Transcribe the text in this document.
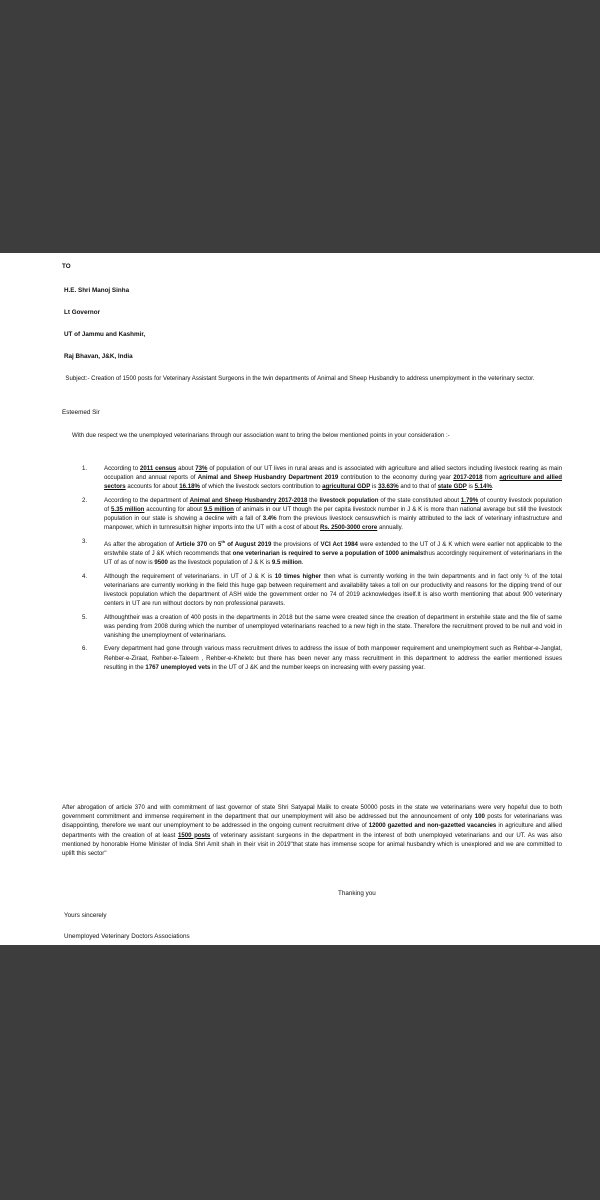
TO
H.E. Shri Manoj Sinha
Lt Governor
UT of Jammu and Kashmir,
Raj Bhavan, J&K, India
Subject:- Creation of 1500 posts for Veterinary Assistant Surgeons in the twin departments of Animal and Sheep Husbandry to address unemployment in the veterinary sector.
Esteemed Sir
With due respect we the unemployed veterinarians through our association want to bring the below mentioned points in your consideration :-
1.	According to 2011 census about 73% of population of our UT lives in rural areas and is associated with agriculture and allied sectors including livestock rearing as main occupation and annual reports of Animal and Sheep Husbandry Department 2019 contribution to the economy during year 2017-2018 from agriculture and allied sectors accounts for about 16.18% of which the livestock sectors contribution to agricultural GDP is 33.63% and to that of state GDP is 5.14%.
2.	According to the department of Animal and Sheep Husbandry 2017-2018 the livestock population of the state constituted about 1.79% of country livestock population of 5.35 million accounting for about 9.5 million of animals in our UT though the per capita livestock number in J & K is more than national average but still the livestock population in our state is showing a decline with a fall of 3.4% from the previous livestock censuswhich is mainly attributed to the lack of veterinary infrastructure and manpower, which in turnresultsin higher imports into the UT with a cost of about Rs. 2500-3000 crore annually.
3.	As after the abrogation of Article 370 on 5th of August 2019 the provisions of VCI Act 1984 were extended to the UT of J & K which were earlier not applicable to the erstwhile state of J &K which recommends that one veterinarian is required to serve a population of 1000 animalsthus accordingly requirement of veterinarians in the UT of as of now is 9500 as the livestock population of J & K is 9.5 million.
4.	Although the requirement of veterinarians. in UT of J & K is 10 times higher then what is currently working in the twin departments and in fact only ¾ of the total veterinarians are currently working in the field this huge gap between requirement and availability takes a toll on our productivity and reasons for the dipping trend of our livestock population which the department of ASH wide the government order no 74 of 2019 acknowledges itself.It is also worth mentioning that about 900 veterinary centers in UT are run without doctors by non professional paravets.
5.	Althoughtheir was a creation of 400 posts in the departments in 2018 but the same were created since the creation of department in erstwhile state and the file of same was pending from 2008 during which the number of unemployed veterinarians reached to a new high in the state. Therefore the recruitment proved to be null and void in vanishing the unemployment of veterinarians.
6.	Every department had gone through various mass recruitment drives to address the issue of both manpower requirement and unemployment such as Rehbar-e-Janglat, Rehber-e-Ziraat, Rehber-e-Taleem , Rehber-e-Kheletc but there has been never any mass recruitment in this department to address the earlier mentioned issues resulting in the 1767 unemployed vets in the UT of J &K and the number keeps on increasing with every passing year.
After abrogation of article 370 and with commitment of last governor of state Shri Satyapal Malik to create 50000 posts in the state we veterinarians were very hopeful due to both government commitment and immense requirement in the department that our unemployment will also be addressed but the announcement of only 100 posts for veterinarians was disappointing, therefore we want our unemployment to be addressed in the ongoing current recruitment drive of 12000 gazetted and non-gazetted vacancies in agriculture and allied departments with the creation of at least 1500 posts of veterinary assistant surgeons in the department in the interest of both unemployed veterinarians and our UT. As was also mentioned by honorable Home Minister of India Shri Amit shah in their visit in 2019"that state has immense scope for animal husbandry which is unexplored and we are committed to uplift this sector"
Thanking you
Yours sincerely
Unemployed Veterinary Doctors Associations
